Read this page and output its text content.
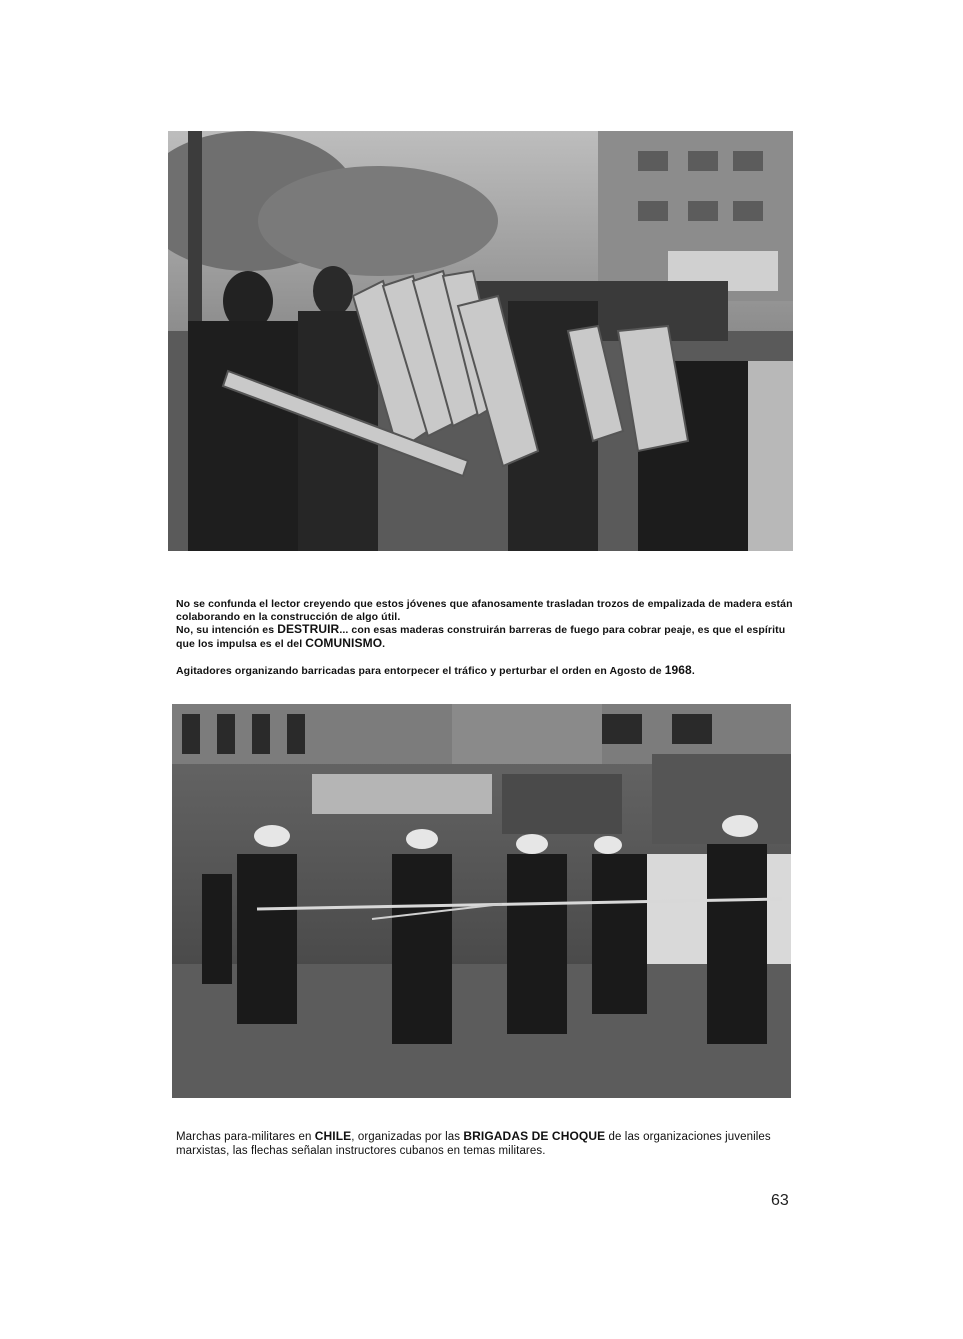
No se confunda el lector creyendo que estos jóvenes que afanosamente trasladan trozos de empalizada de madera están colaborando en la construcción de algo útil.

No, su intención es DESTRUIR... con esas maderas construirán barreras de fuego para cobrar peaje, es que el espíritu que los impulsa es el del COMUNISMO.

Agitadores organizando barricadas para entorpecer el tráfico y perturbar el orden en Agosto de 1968.

Marchas para-militares en CHILE, organizadas por las BRIGADAS DE CHOQUE de las organizaciones juveniles marxistas, las flechas señalan instructores cubanos en temas militares.

63
